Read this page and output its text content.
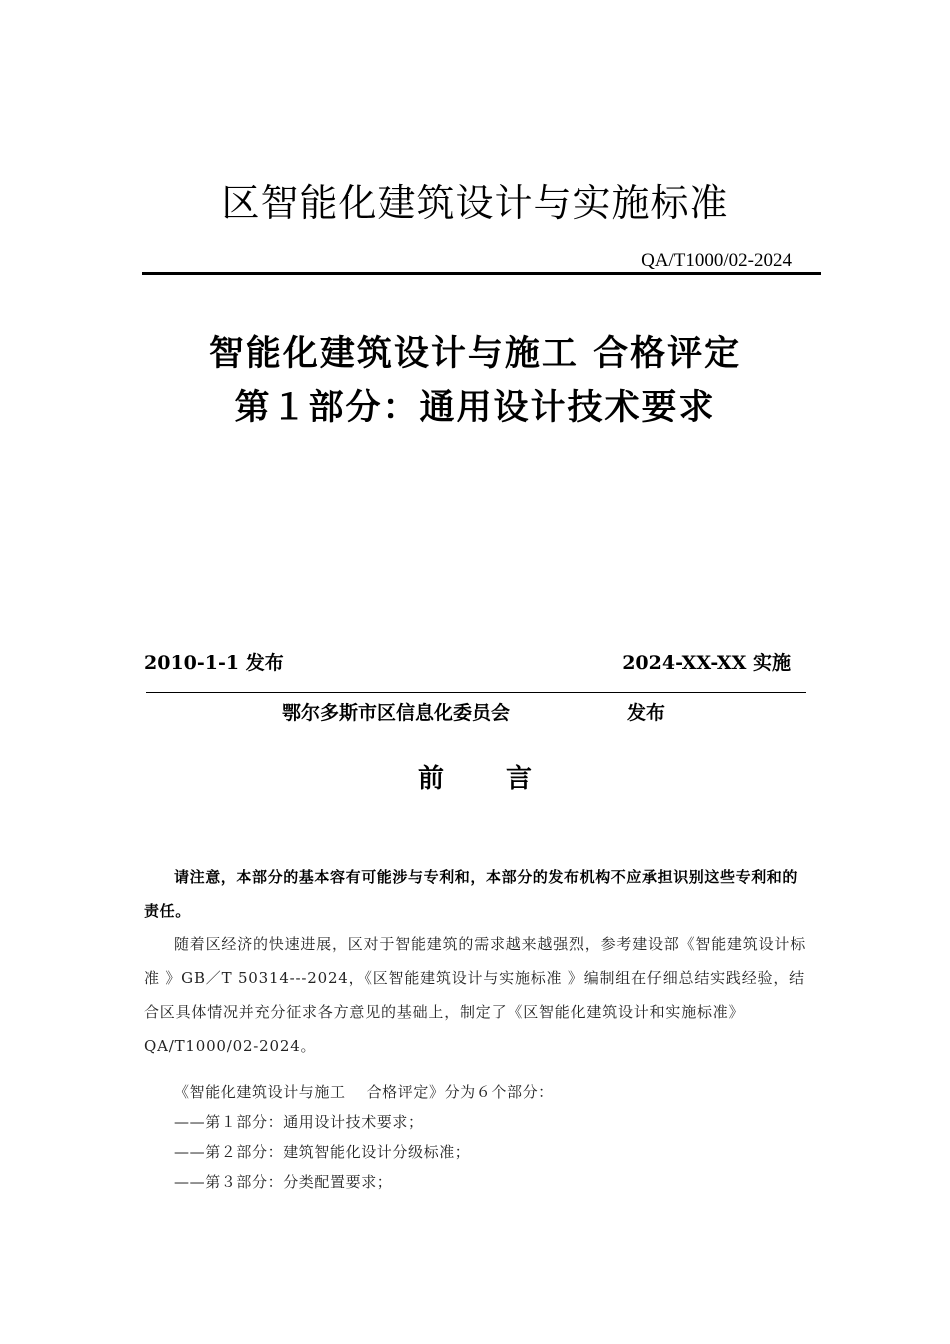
区智能化建筑设计与实施标准
QA/T1000/02-2024
智能化建筑设计与施工 合格评定
第１部分：通用设计技术要求
2010-1-1 发布	2024-XX-XX 实施
鄂尔多斯市区信息化委员会	发布
前 言
请注意，本部分的基本容有可能涉与专利和，本部分的发布机构不应承担识别这些专利和的责任。
随着区经济的快速进展，区对于智能建筑的需求越来越强烈，参考建设部《智能建筑设计标准 》GB／T 50314---2024，《区智能建筑设计与实施标准 》编制组在仔细总结实践经验，结合区具体情况并充分征求各方意见的基础上，制定了《区智能化建筑设计和实施标准》QA/T1000/02-2024。
《智能化建筑设计与施工　 合格评定》分为６个部分：
——第１部分：通用设计技术要求；
——第２部分：建筑智能化设计分级标准；
——第３部分：分类配置要求；
